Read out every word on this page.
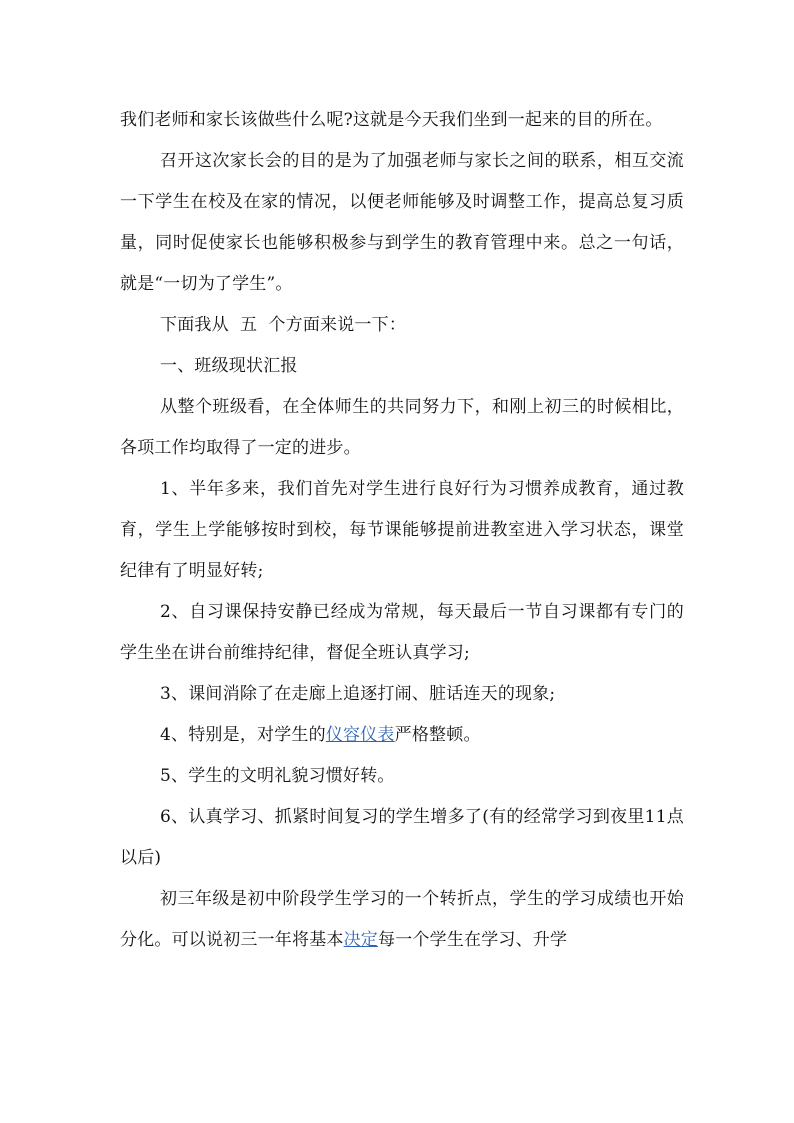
我们老师和家长该做些什么呢?这就是今天我们坐到一起来的目的所在。

召开这次家长会的目的是为了加强老师与家长之间的联系，相互交流一下学生在校及在家的情况，以便老师能够及时调整工作，提高总复习质量，同时促使家长也能够积极参与到学生的教育管理中来。总之一句话，就是“一切为了学生”。

下面我从  五  个方面来说一下：

一、班级现状汇报

从整个班级看，在全体师生的共同努力下，和刚上初三的时候相比，各项工作均取得了一定的进步。

1、半年多来，我们首先对学生进行良好行为习惯养成教育，通过教育，学生上学能够按时到校，每节课能够提前进教室进入学习状态，课堂纪律有了明显好转;

2、自习课保持安静已经成为常规，每天最后一节自习课都有专门的学生坐在讲台前维持纪律，督促全班认真学习;

3、课间消除了在走廊上追逐打闹、脏话连天的现象;

4、特别是，对学生的仪容仪表严格整顿。

5、学生的文明礼貌习惯好转。

6、认真学习、抓紧时间复习的学生增多了(有的经常学习到夜里11点以后)

初三年级是初中阶段学生学习的一个转折点，学生的学习成绩也开始分化。可以说初三一年将基本决定每一个学生在学习、升学
